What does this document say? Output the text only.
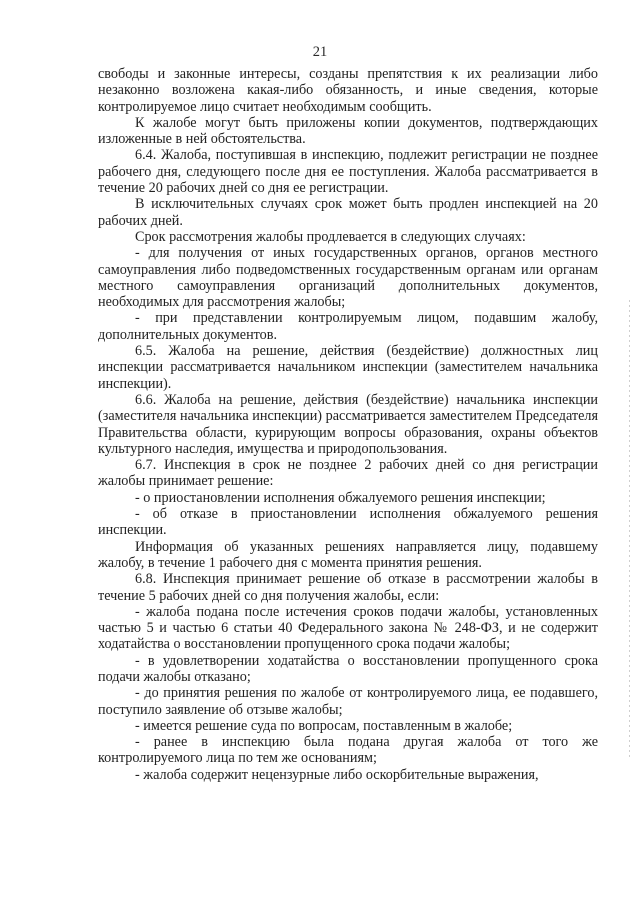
21

свободы и законные интересы, созданы препятствия к их реализации либо незаконно возложена какая-либо обязанность, и иные сведения, которые контролируемое лицо считает необходимым сообщить.

К жалобе могут быть приложены копии документов, подтверждающих изложенные в ней обстоятельства.

6.4. Жалоба, поступившая в инспекцию, подлежит регистрации не позднее рабочего дня, следующего после дня ее поступления. Жалоба рассматривается в течение 20 рабочих дней со дня ее регистрации.

В исключительных случаях срок может быть продлен инспекцией на 20 рабочих дней.

Срок рассмотрения жалобы продлевается в следующих случаях:

- для получения от иных государственных органов, органов местного самоуправления либо подведомственных государственным органам или органам местного самоуправления организаций дополнительных документов, необходимых для рассмотрения жалобы;

- при представлении контролируемым лицом, подавшим жалобу, дополнительных документов.

6.5. Жалоба на решение, действия (бездействие) должностных лиц инспекции рассматривается начальником инспекции (заместителем начальника инспекции).

6.6. Жалоба на решение, действия (бездействие) начальника инспекции (заместителя начальника инспекции) рассматривается заместителем Председателя Правительства области, курирующим вопросы образования, охраны объектов культурного наследия, имущества и природопользования.

6.7. Инспекция в срок не позднее 2 рабочих дней со дня регистрации жалобы принимает решение:

- о приостановлении исполнения обжалуемого решения инспекции;

- об отказе в приостановлении исполнения обжалуемого решения инспекции.

Информация об указанных решениях направляется лицу, подавшему жалобу, в течение 1 рабочего дня с момента принятия решения.

6.8. Инспекция принимает решение об отказе в рассмотрении жалобы в течение 5 рабочих дней со дня получения жалобы, если:

- жалоба подана после истечения сроков подачи жалобы, установленных частью 5 и частью 6 статьи 40 Федерального закона № 248-ФЗ, и не содержит ходатайства о восстановлении пропущенного срока подачи жалобы;

- в удовлетворении ходатайства о восстановлении пропущенного срока подачи жалобы отказано;

- до принятия решения по жалобе от контролируемого лица, ее подавшего, поступило заявление об отзыве жалобы;

- имеется решение суда по вопросам, поставленным в жалобе;

- ранее в инспекцию была подана другая жалоба от того же контролируемого лица по тем же основаниям;

- жалоба содержит нецензурные либо оскорбительные выражения,
